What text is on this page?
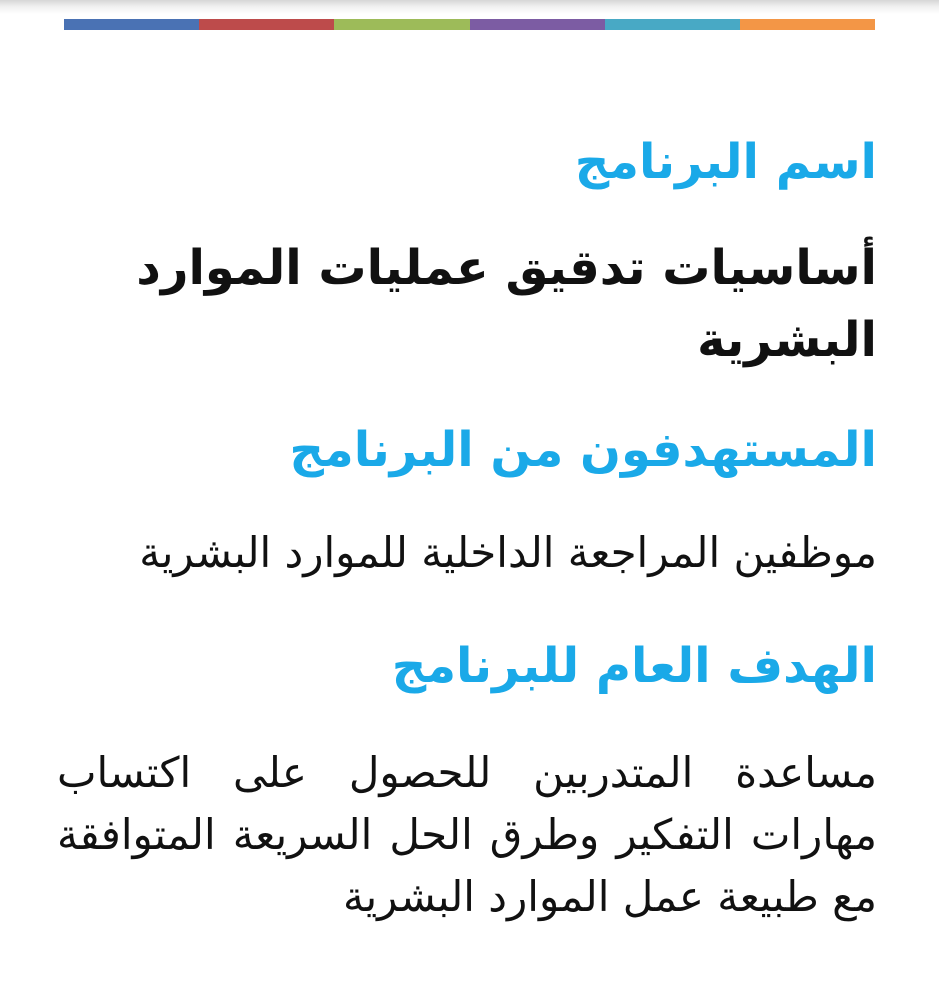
اسم البرنامج
أساسيات تدقيق عمليات الموارد البشرية
المستهدفون من البرنامج
موظفين المراجعة الداخلية للموارد البشرية
الهدف العام للبرنامج
مساعدة المتدربين للحصول على اكتساب مهارات التفكير وطرق الحل السريعة المتوافقة مع طبيعة عمل الموارد البشرية
